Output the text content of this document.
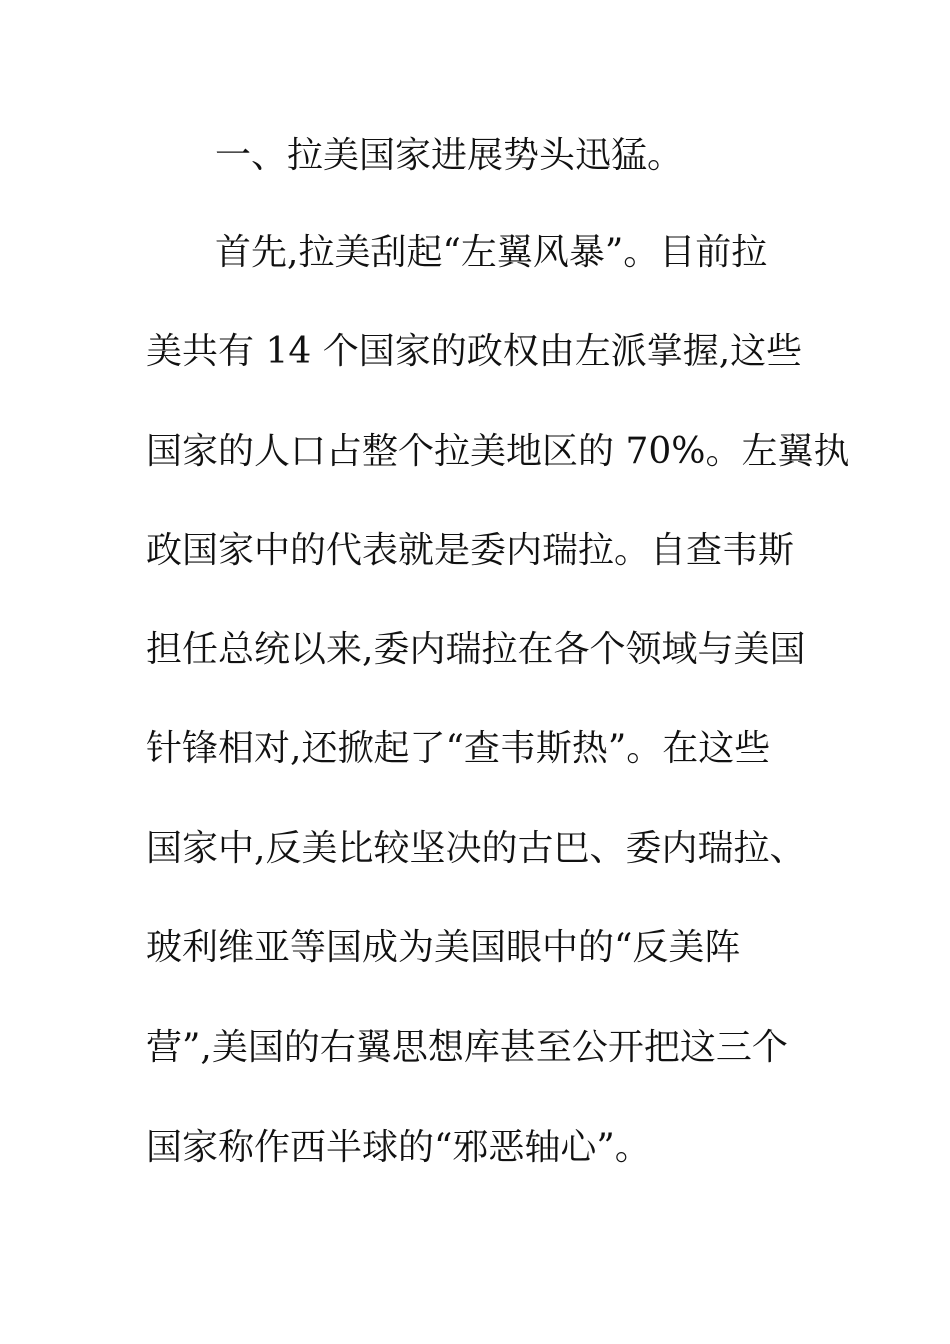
一、拉美国家进展势头迅猛。
首先,拉美刮起“左翼风暴”。目前拉
美共有 14 个国家的政权由左派掌握,这些
国家的人口占整个拉美地区的 70%。左翼执
政国家中的代表就是委内瑞拉。自查韦斯
担任总统以来,委内瑞拉在各个领域与美国
针锋相对,还掀起了“查韦斯热”。在这些
国家中,反美比较坚决的古巴、委内瑞拉、
玻利维亚等国成为美国眼中的“反美阵
营”,美国的右翼思想库甚至公开把这三个
国家称作西半球的“邪恶轴心”。
